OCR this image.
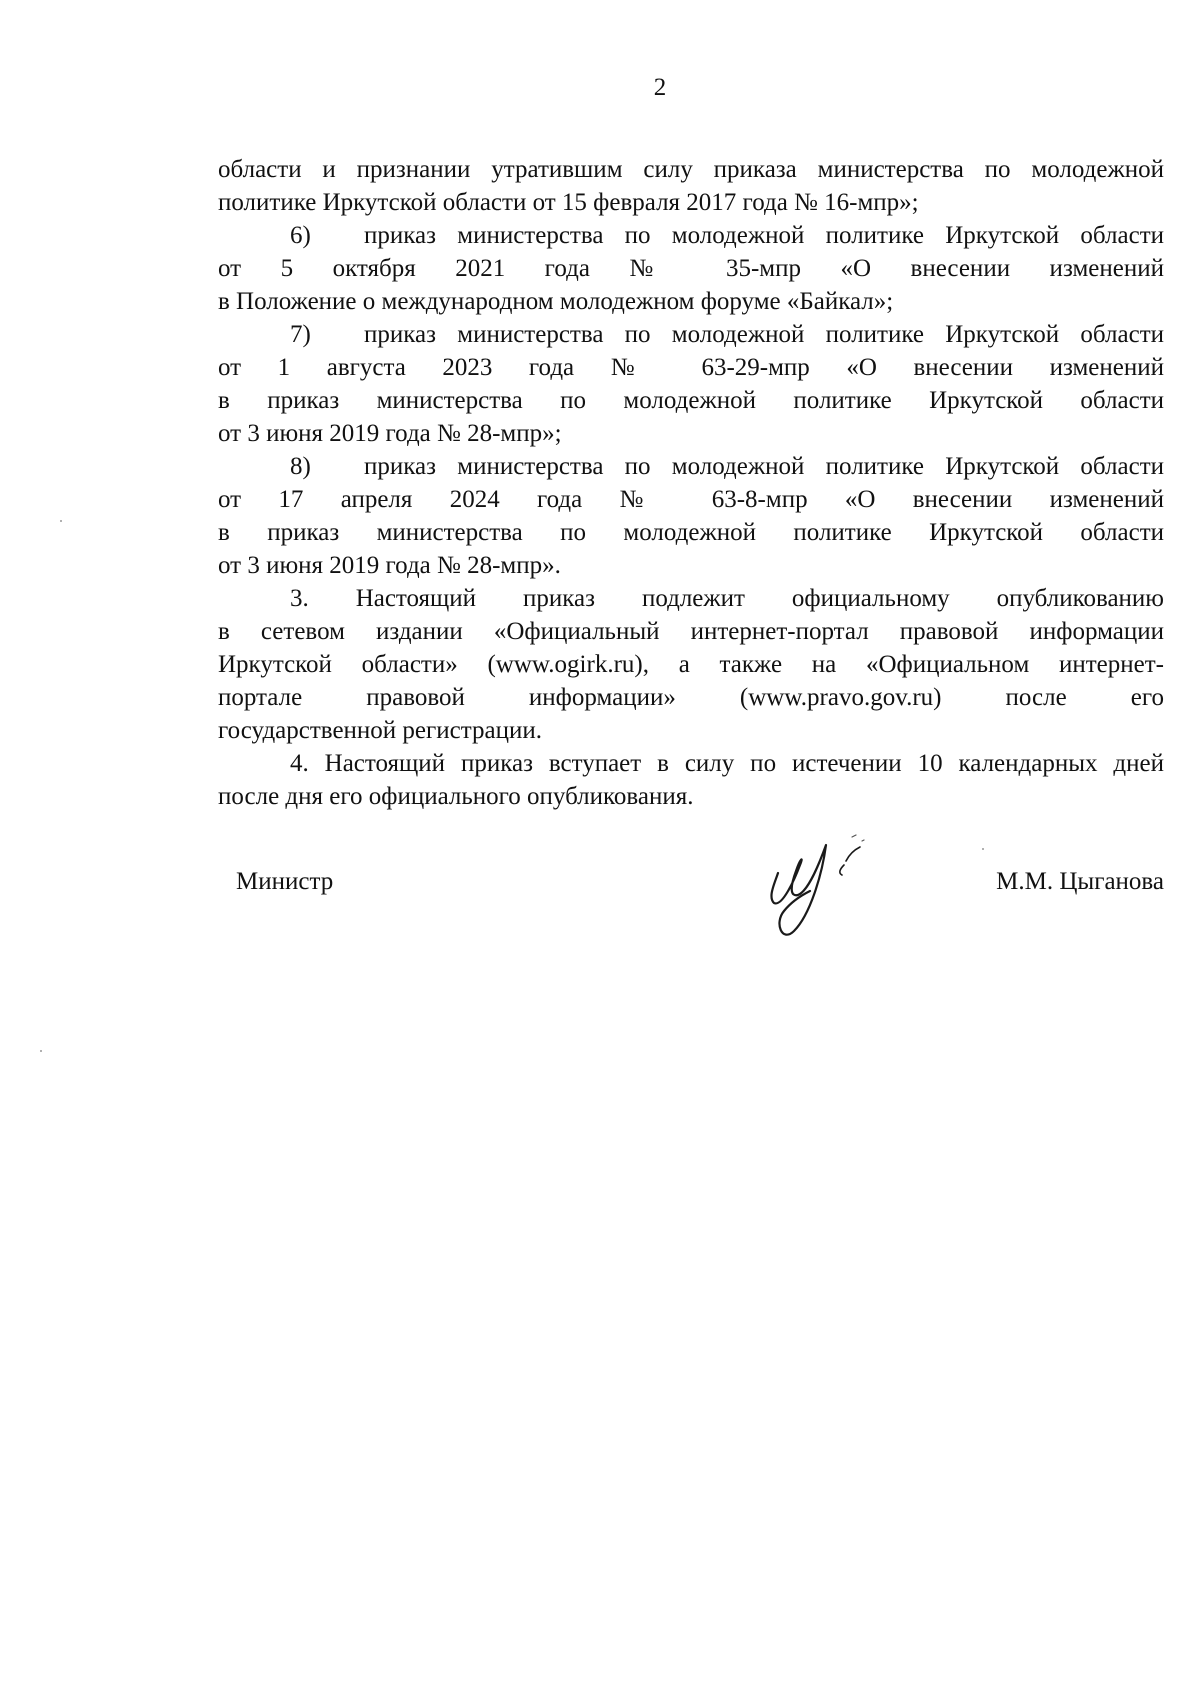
2
области и признании утратившим силу приказа министерства по молодежной
политике Иркутской области от 15 февраля 2017 года № 16-мпр»;
6) приказ министерства по молодежной политике Иркутской области
от 5 октября 2021 года № 35-мпр «О внесении изменений
в Положение о международном молодежном форуме «Байкал»;
7) приказ министерства по молодежной политике Иркутской области
от 1 августа 2023 года № 63-29-мпр «О внесении изменений
в приказ министерства по молодежной политике Иркутской области
от 3 июня 2019 года № 28-мпр»;
8) приказ министерства по молодежной политике Иркутской области
от 17 апреля 2024 года № 63-8-мпр «О внесении изменений
в приказ министерства по молодежной политике Иркутской области
от 3 июня 2019 года № 28-мпр».
3. Настоящий приказ подлежит официальному опубликованию
в сетевом издании «Официальный интернет-портал правовой информации
Иркутской области» (www.ogirk.ru), а также на «Официальном интернет-
портале правовой информации» (www.pravo.gov.ru) после его
государственной регистрации.
4. Настоящий приказ вступает в силу по истечении 10 календарных дней
после дня его официального опубликования.
Министр	М.М. Цыганова
